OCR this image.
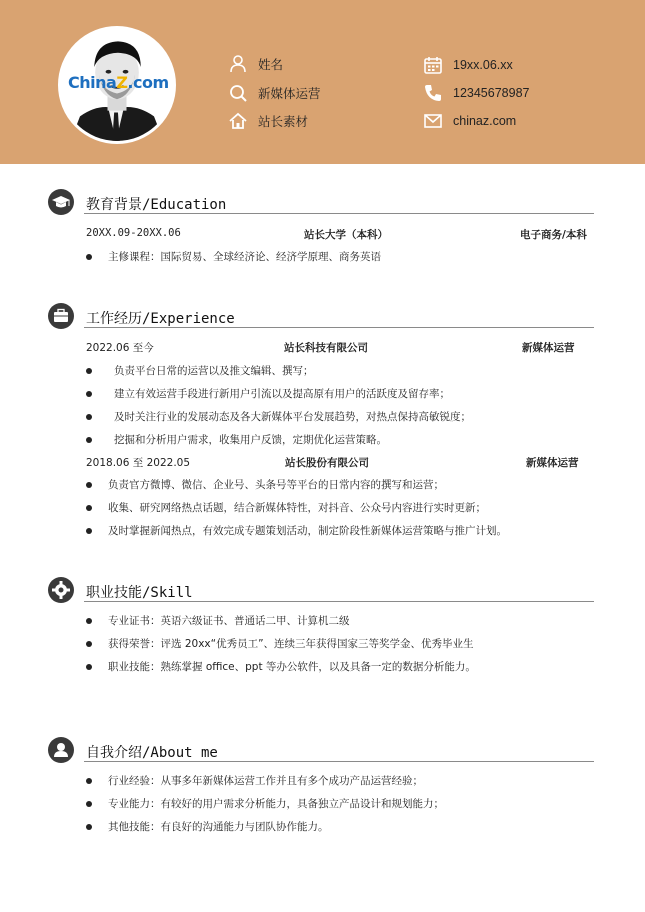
ChinaZ.com
姓名
新媒体运营
站长素材
19xx.06.xx
12345678987
chinaz.com
教育背景/Education
20XX.09-20XX.06	站长大学（本科）	电子商务/本科
主修课程：国际贸易、全球经济论、经济学原理、商务英语
工作经历/Experience
2022.06 至今	站长科技有限公司	新媒体运营
负责平台日常的运营以及推文编辑、撰写；
建立有效运营手段进行新用户引流以及提高原有用户的活跃度及留存率；
及时关注行业的发展动态及各大新媒体平台发展趋势，对热点保持高敏锐度；
挖掘和分析用户需求，收集用户反馈，定期优化运营策略。
2018.06 至 2022.05	站长股份有限公司	新媒体运营
负责官方微博、微信、企业号、头条号等平台的日常内容的撰写和运营；
收集、研究网络热点话题，结合新媒体特性，对抖音、公众号内容进行实时更新；
及时掌握新闻热点，有效完成专题策划活动，制定阶段性新媒体运营策略与推广计划。
职业技能/Skill
专业证书：英语六级证书、普通话二甲、计算机二级
获得荣誉：评选 20xx“优秀员工”、连续三年获得国家三等奖学金、优秀毕业生
职业技能：熟练掌握 office、ppt 等办公软件，以及具备一定的数据分析能力。
自我介绍/About me
行业经验：从事多年新媒体运营工作并且有多个成功产品运营经验；
专业能力：有较好的用户需求分析能力，具备独立产品设计和规划能力；
其他技能：有良好的沟通能力与团队协作能力。
